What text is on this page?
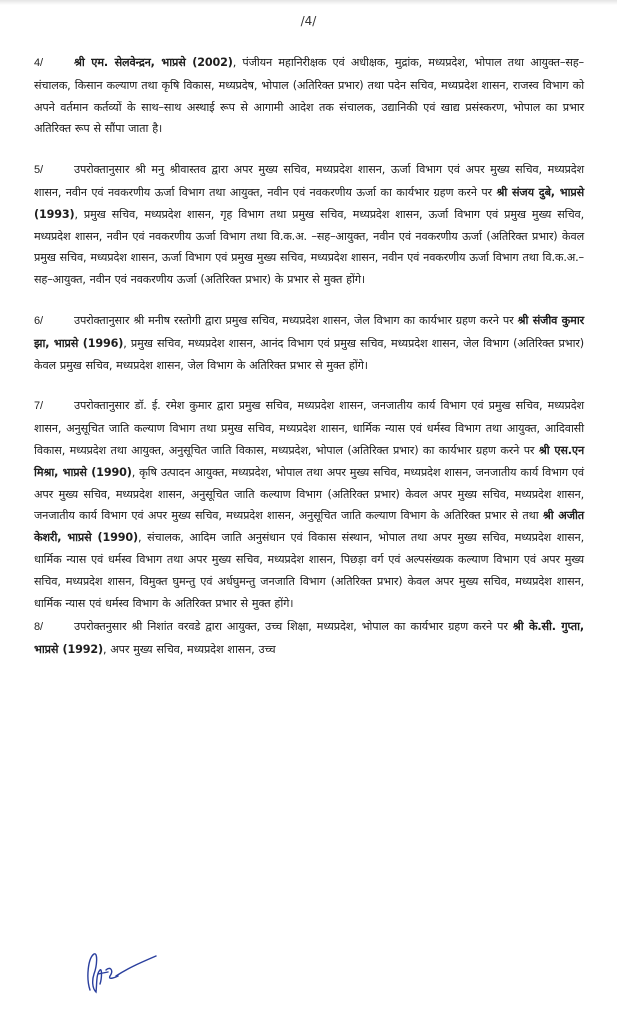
/4/

4/	श्री एम. सेलवेन्द्रन, भाप्रसे (2002), पंजीयन महानिरीक्षक एवं अधीक्षक, मुद्रांक, मध्यप्रदेश, भोपाल तथा आयुक्त–सह– संचालक, किसान कल्याण तथा कृषि विकास, मध्यप्रदेष, भोपाल (अतिरिक्त प्रभार) तथा पदेन सचिव, मध्यप्रदेश शासन, राजस्व विभाग को अपने वर्तमान कर्तव्यों के साथ–साथ अस्थाई रूप से आगामी आदेश तक संचालक, उद्यानिकी एवं खाद्य प्रसंस्करण, भोपाल का प्रभार अतिरिक्त रूप से सौंपा जाता है।

5/	उपरोक्तानुसार श्री मनु श्रीवास्तव द्वारा अपर मुख्य सचिव, मध्यप्रदेश शासन, ऊर्जा विभाग एवं अपर मुख्य सचिव, मध्यप्रदेश शासन, नवीन एवं नवकरणीय ऊर्जा विभाग तथा आयुक्त, नवीन एवं नवकरणीय ऊर्जा का कार्यभार ग्रहण करने पर श्री संजय दुबे, भाप्रसे (1993), प्रमुख सचिव, मध्यप्रदेश शासन, गृह विभाग तथा प्रमुख सचिव, मध्यप्रदेश शासन, ऊर्जा विभाग एवं प्रमुख मुख्य सचिव, मध्यप्रदेश शासन, नवीन एवं नवकरणीय ऊर्जा विभाग तथा वि.क.अ. –सह–आयुक्त, नवीन एवं नवकरणीय ऊर्जा (अतिरिक्त प्रभार) केवल प्रमुख सचिव, मध्यप्रदेश शासन, ऊर्जा विभाग एवं प्रमुख मुख्य सचिव, मध्यप्रदेश शासन, नवीन एवं नवकरणीय ऊर्जा विभाग तथा वि.क.अ.–सह–आयुक्त, नवीन एवं नवकरणीय ऊर्जा (अतिरिक्त प्रभार) के प्रभार से मुक्त होंगे।

6/	उपरोक्तानुसार श्री मनीष रस्तोगी द्वारा प्रमुख सचिव, मध्यप्रदेश शासन, जेल विभाग का कार्यभार ग्रहण करने पर श्री संजीव कुमार झा, भाप्रसे (1996), प्रमुख सचिव, मध्यप्रदेश शासन, आनंद विभाग एवं प्रमुख सचिव, मध्यप्रदेश शासन, जेल विभाग (अतिरिक्त प्रभार) केवल प्रमुख सचिव, मध्यप्रदेश शासन, जेल विभाग के अतिरिक्त प्रभार से मुक्त होंगे।

7/	उपरोक्तानुसार डॉ. ई. रमेश कुमार द्वारा प्रमुख सचिव, मध्यप्रदेश शासन, जनजातीय कार्य विभाग एवं प्रमुख सचिव, मध्यप्रदेश शासन, अनुसूचित जाति कल्याण विभाग तथा प्रमुख सचिव, मध्यप्रदेश शासन, धार्मिक न्यास एवं धर्मस्व विभाग तथा आयुक्त, आदिवासी विकास, मध्यप्रदेश तथा आयुक्त, अनुसूचित जाति विकास, मध्यप्रदेश, भोपाल (अतिरिक्त प्रभार) का कार्यभार ग्रहण करने पर श्री एस.एन मिश्रा, भाप्रसे (1990), कृषि उत्पादन आयुक्त, मध्यप्रदेश, भोपाल तथा अपर मुख्य सचिव, मध्यप्रदेश शासन, जनजातीय कार्य विभाग एवं अपर मुख्य सचिव, मध्यप्रदेश शासन, अनुसूचित जाति कल्याण विभाग (अतिरिक्त प्रभार) केवल अपर मुख्य सचिव, मध्यप्रदेश शासन, जनजातीय कार्य विभाग एवं अपर मुख्य सचिव, मध्यप्रदेश शासन, अनुसूचित जाति कल्याण विभाग के अतिरिक्त प्रभार से तथा श्री अजीत केशरी, भाप्रसे (1990), संचालक, आदिम जाति अनुसंधान एवं विकास संस्थान, भोपाल तथा अपर मुख्य सचिव, मध्यप्रदेश शासन, धार्मिक न्यास एवं धर्मस्व विभाग तथा अपर मुख्य सचिव, मध्यप्रदेश शासन, पिछड़ा वर्ग एवं अल्पसंख्यक कल्याण विभाग एवं अपर मुख्य सचिव, मध्यप्रदेश शासन, विमुक्त घुमन्तु एवं अर्धघुमन्तु जनजाति विभाग (अतिरिक्त प्रभार) केवल अपर मुख्य सचिव, मध्यप्रदेश शासन, धार्मिक न्यास एवं धर्मस्व विभाग के अतिरिक्त प्रभार से मुक्त होंगे।

8/	उपरोक्तनुसार श्री निशांत वरवडे द्वारा आयुक्त, उच्च शिक्षा, मध्यप्रदेश, भोपाल का कार्यभार ग्रहण करने पर श्री के.सी. गुप्ता, भाप्रसे (1992), अपर मुख्य सचिव, मध्यप्रदेश शासन, उच्च
